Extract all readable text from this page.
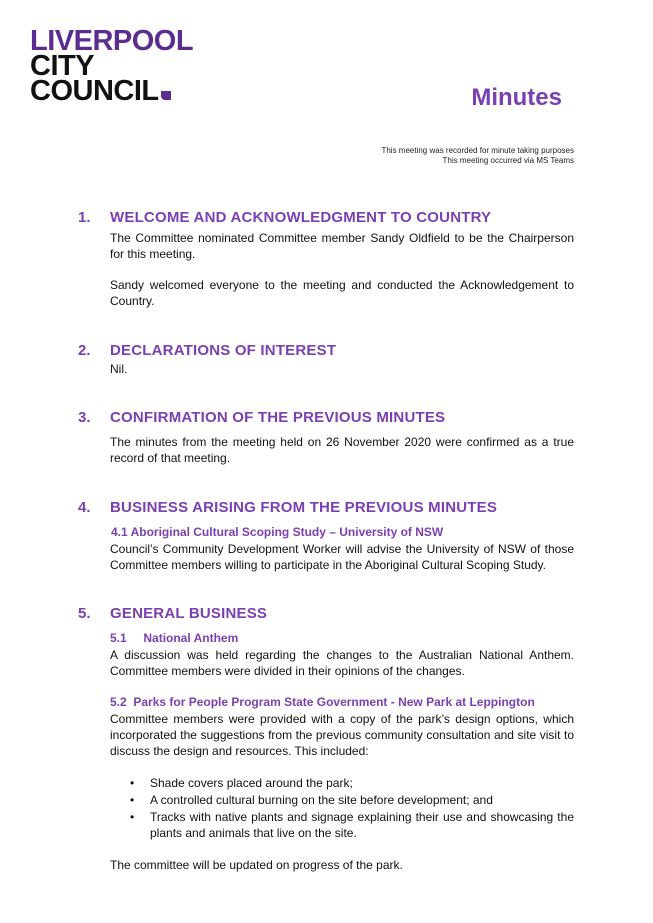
LIVERPOOL
CITY
COUNCIL	Minutes
This meeting was recorded for minute taking purposes
This meeting occurred via MS Teams
1. WELCOME AND ACKNOWLEDGMENT TO COUNTRY
The Committee nominated Committee member Sandy Oldfield to be the Chairperson for this meeting.
Sandy welcomed everyone to the meeting and conducted the Acknowledgement to Country.
2. DECLARATIONS OF INTEREST
Nil.
3. CONFIRMATION OF THE PREVIOUS MINUTES
The minutes from the meeting held on 26 November 2020 were confirmed as a true record of that meeting.
4. BUSINESS ARISING FROM THE PREVIOUS MINUTES
4.1 Aboriginal Cultural Scoping Study – University of NSW
Council’s Community Development Worker will advise the University of NSW of those Committee members willing to participate in the Aboriginal Cultural Scoping Study.
5. GENERAL BUSINESS
5.1     National Anthem
A discussion was held regarding the changes to the Australian National Anthem. Committee members were divided in their opinions of the changes.
5.2  Parks for People Program State Government - New Park at Leppington
Committee members were provided with a copy of the park’s design options, which incorporated the suggestions from the previous community consultation and site visit to discuss the design and resources. This included:
• Shade covers placed around the park;
• A controlled cultural burning on the site before development; and
• Tracks with native plants and signage explaining their use and showcasing the plants and animals that live on the site.
The committee will be updated on progress of the park.
